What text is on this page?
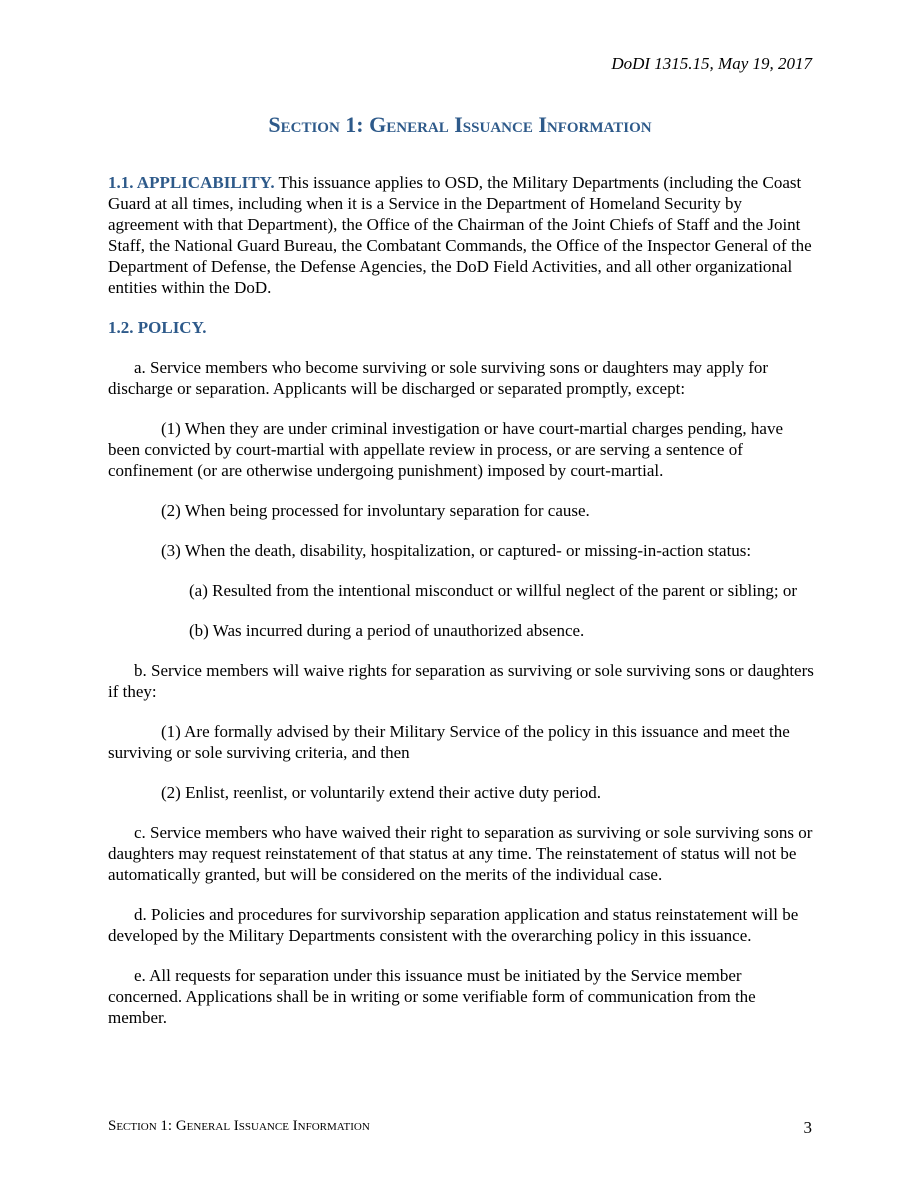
DoDI 1315.15, May 19, 2017
Section 1: General Issuance Information

1.1. APPLICABILITY. This issuance applies to OSD, the Military Departments (including the Coast Guard at all times, including when it is a Service in the Department of Homeland Security by agreement with that Department), the Office of the Chairman of the Joint Chiefs of Staff and the Joint Staff, the National Guard Bureau, the Combatant Commands, the Office of the Inspector General of the Department of Defense, the Defense Agencies, the DoD Field Activities, and all other organizational entities within the DoD.

1.2. POLICY.

a. Service members who become surviving or sole surviving sons or daughters may apply for discharge or separation. Applicants will be discharged or separated promptly, except:

(1) When they are under criminal investigation or have court-martial charges pending, have been convicted by court-martial with appellate review in process, or are serving a sentence of confinement (or are otherwise undergoing punishment) imposed by court-martial.

(2) When being processed for involuntary separation for cause.

(3) When the death, disability, hospitalization, or captured- or missing-in-action status:

(a) Resulted from the intentional misconduct or willful neglect of the parent or sibling; or

(b) Was incurred during a period of unauthorized absence.

b. Service members will waive rights for separation as surviving or sole surviving sons or daughters if they:

(1) Are formally advised by their Military Service of the policy in this issuance and meet the surviving or sole surviving criteria, and then

(2) Enlist, reenlist, or voluntarily extend their active duty period.

c. Service members who have waived their right to separation as surviving or sole surviving sons or daughters may request reinstatement of that status at any time. The reinstatement of status will not be automatically granted, but will be considered on the merits of the individual case.

d. Policies and procedures for survivorship separation application and status reinstatement will be developed by the Military Departments consistent with the overarching policy in this issuance.

e. All requests for separation under this issuance must be initiated by the Service member concerned. Applications shall be in writing or some verifiable form of communication from the member.

Section 1: General Issuance Information	3
